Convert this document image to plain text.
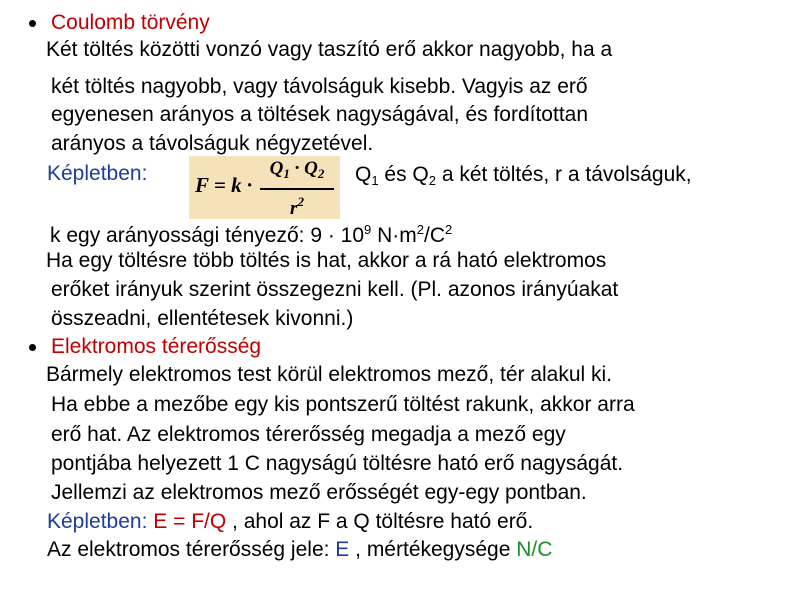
Coulomb törvény
Két töltés közötti vonzó vagy taszító erő akkor nagyobb, ha a
két töltés nagyobb, vagy távolságuk kisebb. Vagyis az erő
egyenesen arányos a töltések nagyságával, és fordítottan
arányos a távolságuk négyzetével.
Képletben: F = k ·
$Q_1 \cdot Q_2$
$r^2$
$Q_1$ és $Q_2$ a két töltés, r a távolságuk,
k egy arányossági tényező: $9 \cdot 10^9$ $N\cdot m^2/C^2$
Ha egy töltésre több töltés is hat, akkor a rá ható elektromos
erőket irányuk szerint összegezni kell. (Pl. azonos irányúakat
összeadni, ellentétesek kivonni.)
Elektromos térerősség
Bármely elektromos test körül elektromos mező, tér alakul ki.
Ha ebbe a mezőbe egy kis pontszerű töltést rakunk, akkor arra
erő hat. Az elektromos térerősség megadja a mező egy
pontjába helyezett 1 C nagyságú töltésre ható erő nagyságát.
Jellemzi az elektromos mező erősségét egy-egy pontban.
Képletben: E = F/Q , ahol az F a Q töltésre ható erő.
Az elektromos térerősség jele: E , mértékegysége N/C
